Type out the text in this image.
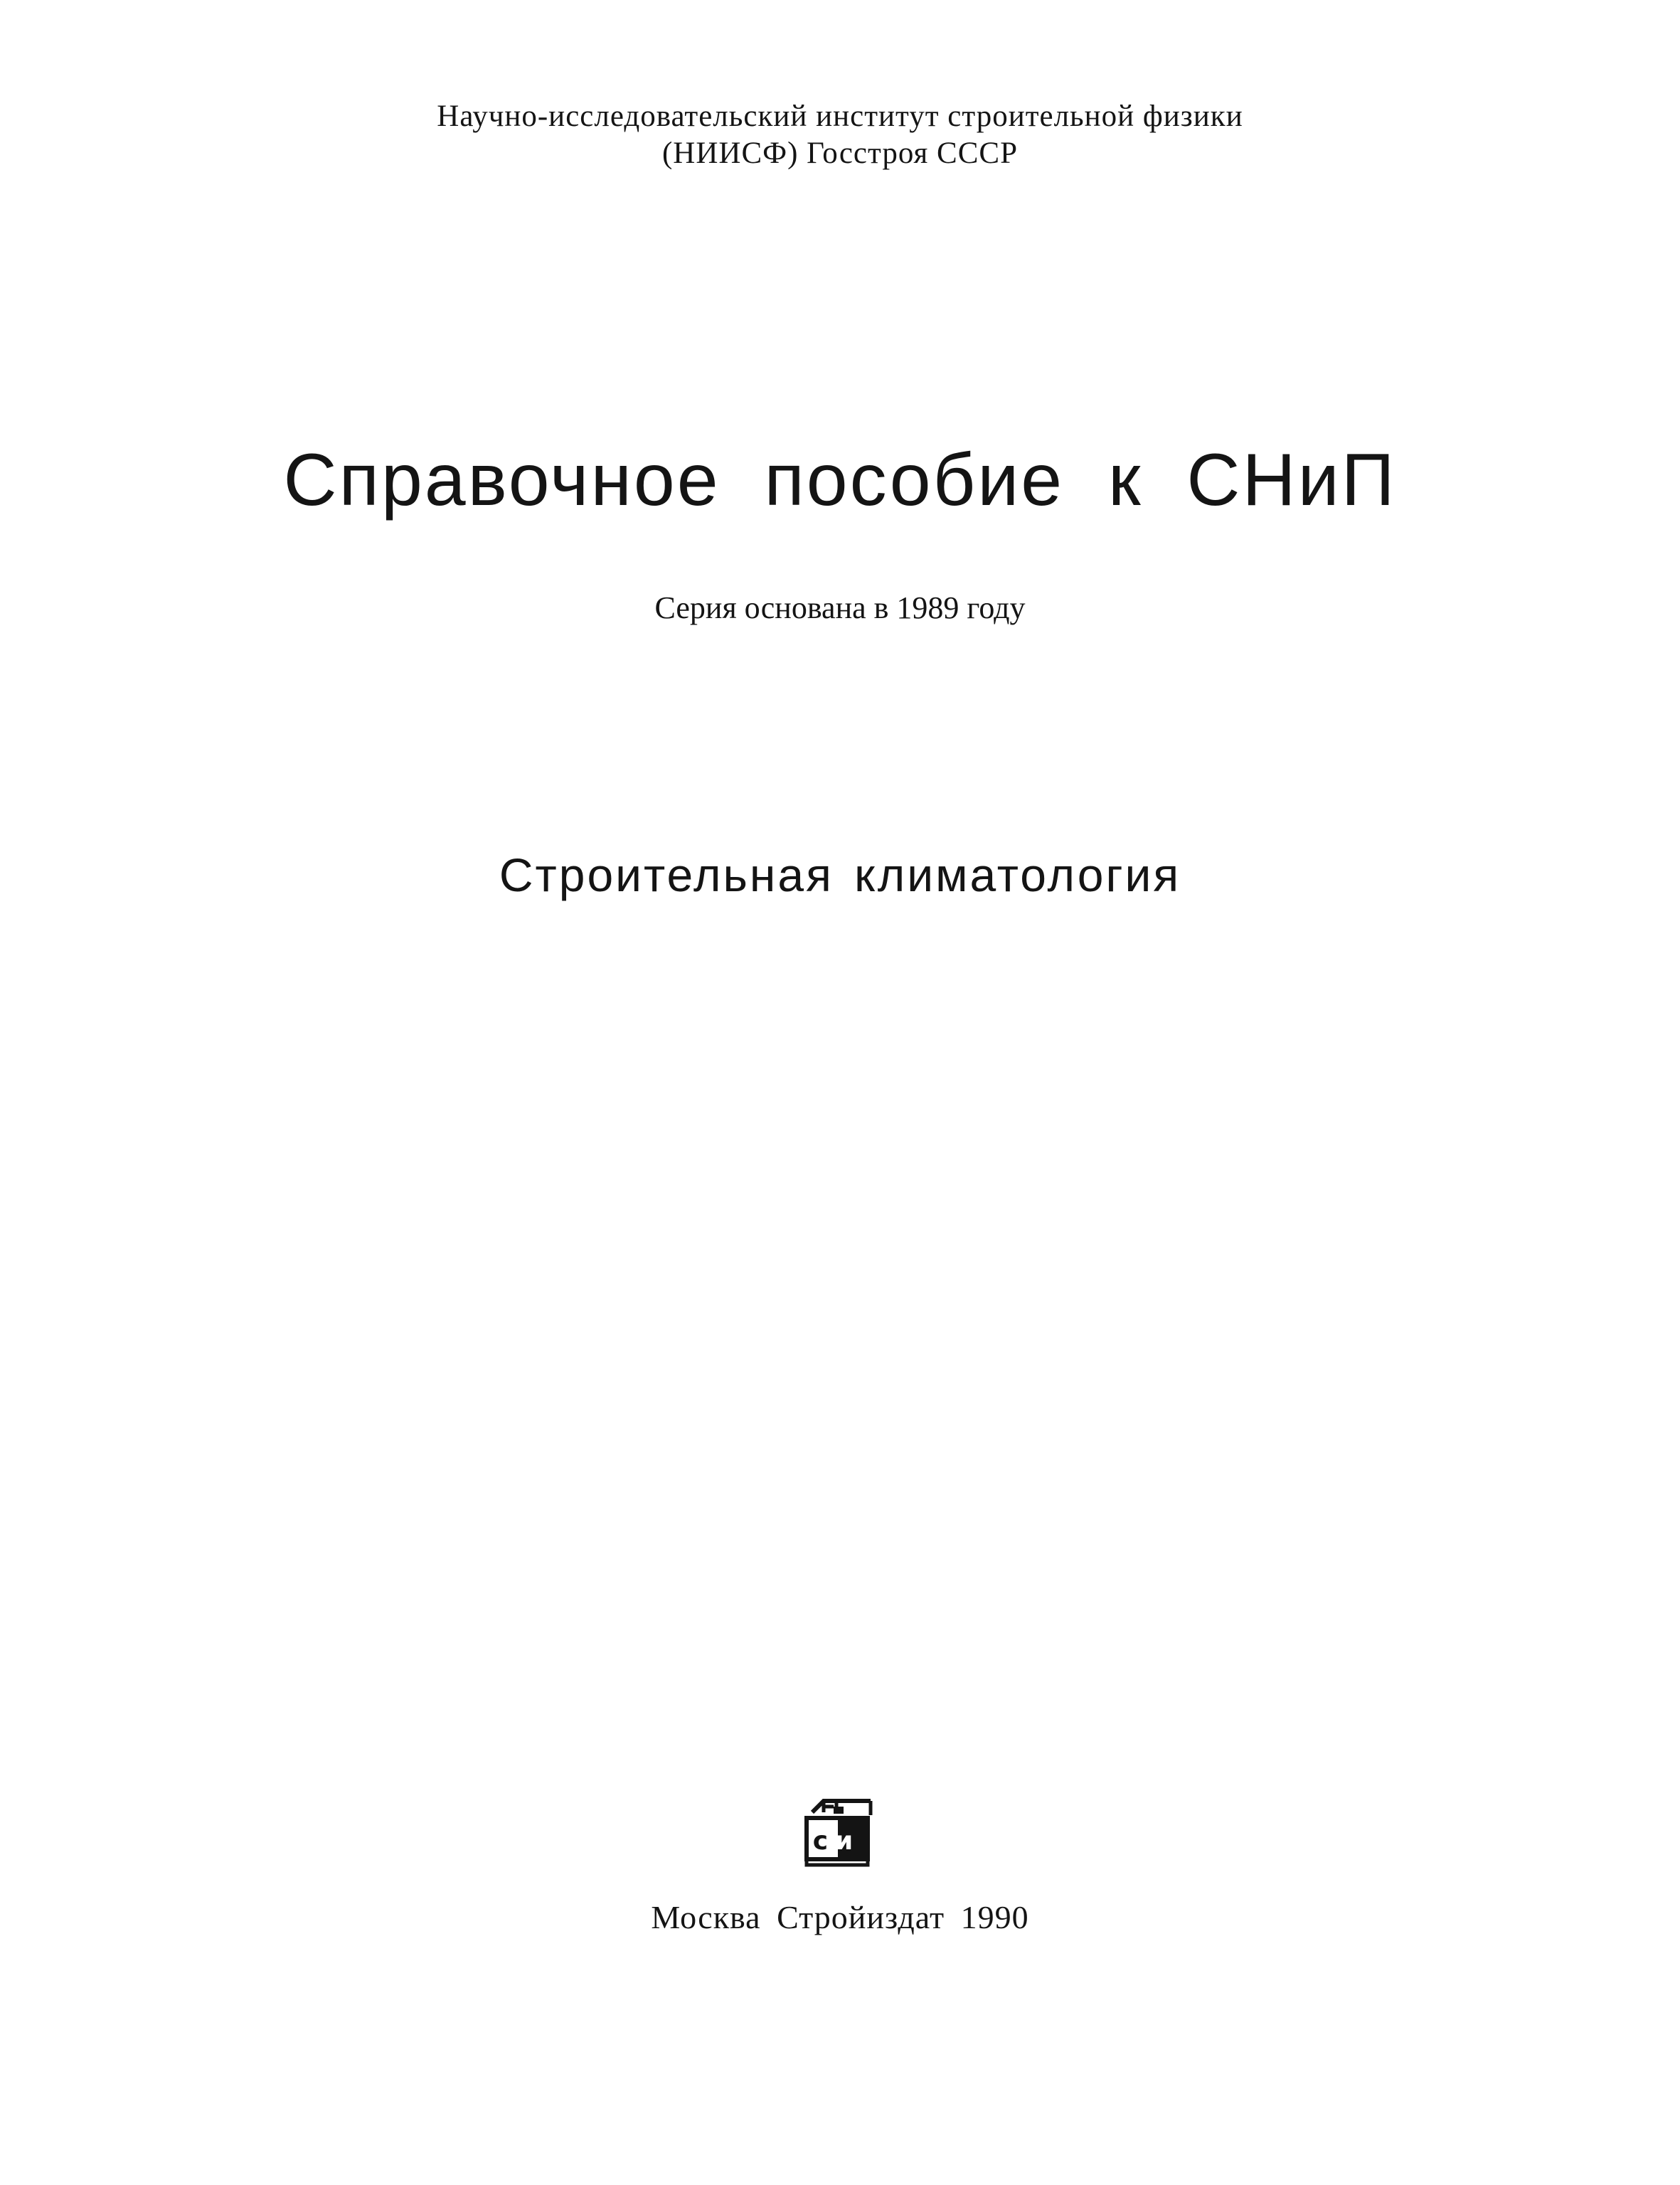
Научно-исследовательский институт строительной физики
(НИИСФ) Госстроя СССР
Справочное пособие к СНиП
Серия основана в 1989 году
Строительная климатология
си
Москва Стройиздат 1990
